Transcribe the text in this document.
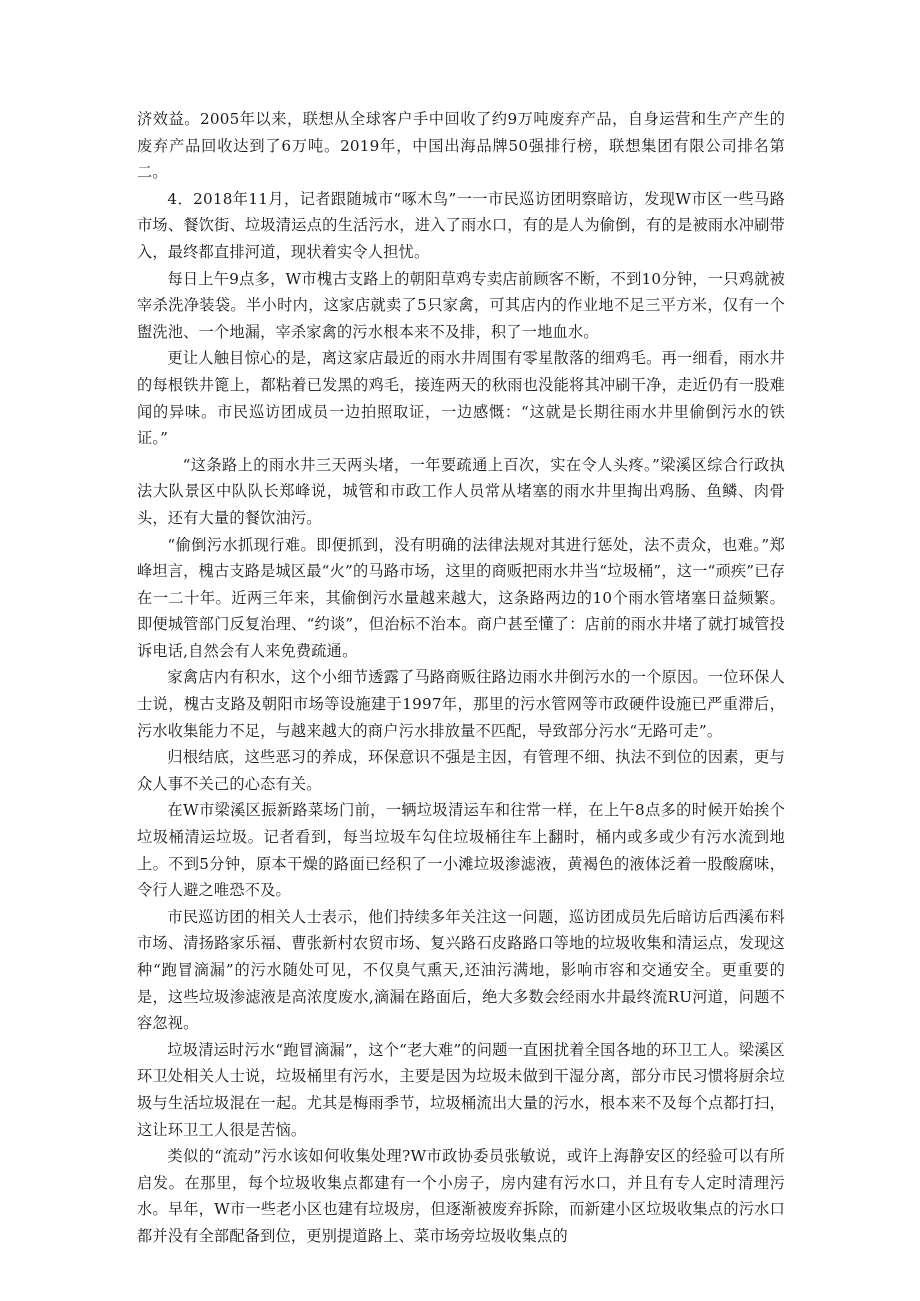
济效益。2005年以来，联想从全球客户手中回收了约9万吨废弃产品，自身运营和生产产生的废弃产品回收达到了6万吨。2019年，中国出海品牌50强排行榜，联想集团有限公司排名第二。

4．2018年11月，记者跟随城市“啄木鸟”一一市民巡访团明察暗访，发现W市区一些马路市场、餐饮街、垃圾清运点的生活污水，进入了雨水口，有的是人为偷倒，有的是被雨水冲刷带入，最终都直排河道，现状着实令人担忧。

每日上午9点多，W市槐古支路上的朝阳草鸡专卖店前顾客不断，不到10分钟，一只鸡就被宰杀洗净装袋。半小时内，这家店就卖了5只家禽，可其店内的作业地不足三平方米，仅有一个盥洗池、一个地漏，宰杀家禽的污水根本来不及排，积了一地血水。

更让人触目惊心的是，离这家店最近的雨水井周围有零星散落的细鸡毛。再一细看，雨水井的每根铁井篦上，都粘着已发黑的鸡毛，接连两天的秋雨也没能将其冲刷干净，走近仍有一股难闻的异味。市民巡访团成员一边拍照取证，一边感慨：“这就是长期往雨水井里偷倒污水的铁证。”

“这条路上的雨水井三天两头堵，一年要疏通上百次，实在令人头疼。”梁溪区综合行政执法大队景区中队队长郑峰说，城管和市政工作人员常从堵塞的雨水井里掏出鸡肠、鱼鳞、肉骨头，还有大量的餐饮油污。

“偷倒污水抓现行难。即便抓到，没有明确的法律法规对其进行惩处，法不责众，也难。”郑峰坦言，槐古支路是城区最“火”的马路市场，这里的商贩把雨水井当“垃圾桶”，这一“顽疾”已存在一二十年。近两三年来，其偷倒污水量越来越大，这条路两边的10个雨水管堵塞日益频繁。即便城管部门反复治理、“约谈”，但治标不治本。商户甚至懂了：店前的雨水井堵了就打城管投诉电话,自然会有人来免费疏通。

家禽店内有积水，这个小细节透露了马路商贩往路边雨水井倒污水的一个原因。一位环保人士说，槐古支路及朝阳市场等设施建于1997年，那里的污水管网等市政硬件设施已严重滞后，污水收集能力不足，与越来越大的商户污水排放量不匹配，导致部分污水“无路可走”。

归根结底，这些恶习的养成，环保意识不强是主因，有管理不细、执法不到位的因素，更与众人事不关己的心态有关。

在W市梁溪区振新路菜场门前，一辆垃圾清运车和往常一样，在上午8点多的时候开始挨个垃圾桶清运垃圾。记者看到，每当垃圾车勾住垃圾桶往车上翻时，桶内或多或少有污水流到地上。不到5分钟，原本干燥的路面已经积了一小滩垃圾渗滤液，黄褐色的液体泛着一股酸腐味，令行人避之唯恐不及。

市民巡访团的相关人士表示，他们持续多年关注这一问题，巡访团成员先后暗访后西溪布料市场、清扬路家乐福、曹张新村农贸市场、复兴路石皮路路口等地的垃圾收集和清运点，发现这种“跑冒滴漏”的污水随处可见，不仅臭气熏天,还油污满地，影响市容和交通安全。更重要的是，这些垃圾渗滤液是高浓度废水,滴漏在路面后，绝大多数会经雨水井最终流RU河道，问题不容忽视。

垃圾清运时污水“跑冒滴漏”，这个“老大难”的问题一直困扰着全国各地的环卫工人。梁溪区环卫处相关人士说，垃圾桶里有污水，主要是因为垃圾未做到干湿分离，部分市民习惯将厨余垃圾与生活垃圾混在一起。尤其是梅雨季节，垃圾桶流出大量的污水，根本来不及每个点都打扫，这让环卫工人很是苦恼。

类似的“流动”污水该如何收集处理?W市政协委员张敏说，或许上海静安区的经验可以有所启发。在那里，每个垃圾收集点都建有一个小房子，房内建有污水口，并且有专人定时清理污水。早年，W市一些老小区也建有垃圾房，但逐渐被废弃拆除，而新建小区垃圾收集点的污水口都并没有全部配备到位，更别提道路上、菜市场旁垃圾收集点的
